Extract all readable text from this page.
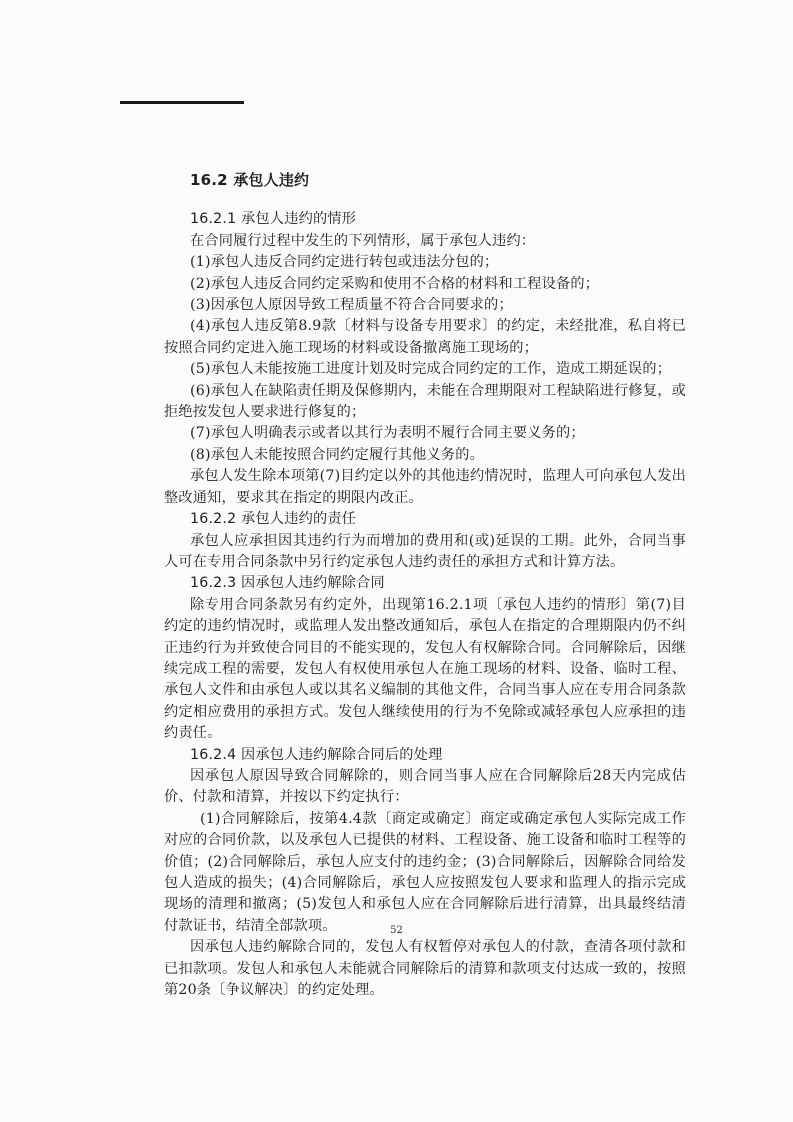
16.2 承包人违约

16.2.1 承包人违约的情形

在合同履行过程中发生的下列情形，属于承包人违约：

(1)承包人违反合同约定进行转包或违法分包的；

(2)承包人违反合同约定采购和使用不合格的材料和工程设备的；

(3)因承包人原因导致工程质量不符合合同要求的；

(4)承包人违反第8.9款〔材料与设备专用要求〕的约定，未经批准，私自将已按照合同约定进入施工现场的材料或设备撤离施工现场的；

(5)承包人未能按施工进度计划及时完成合同约定的工作，造成工期延误的；

(6)承包人在缺陷责任期及保修期内，未能在合理期限对工程缺陷进行修复，或拒绝按发包人要求进行修复的；

(7)承包人明确表示或者以其行为表明不履行合同主要义务的；

(8)承包人未能按照合同约定履行其他义务的。

承包人发生除本项第(7)目约定以外的其他违约情况时，监理人可向承包人发出整改通知，要求其在指定的期限内改正。

16.2.2 承包人违约的责任

承包人应承担因其违约行为而增加的费用和(或)延误的工期。此外，合同当事人可在专用合同条款中另行约定承包人违约责任的承担方式和计算方法。

16.2.3 因承包人违约解除合同

除专用合同条款另有约定外，出现第16.2.1项〔承包人违约的情形〕第(7)目约定的违约情况时，或监理人发出整改通知后，承包人在指定的合理期限内仍不纠正违约行为并致使合同目的不能实现的，发包人有权解除合同。合同解除后，因继续完成工程的需要，发包人有权使用承包人在施工现场的材料、设备、临时工程、承包人文件和由承包人或以其名义编制的其他文件，合同当事人应在专用合同条款约定相应费用的承担方式。发包人继续使用的行为不免除或减轻承包人应承担的违约责任。

16.2.4 因承包人违约解除合同后的处理

因承包人原因导致合同解除的，则合同当事人应在合同解除后28天内完成估价、付款和清算，并按以下约定执行：

(1)合同解除后，按第4.4款〔商定或确定〕商定或确定承包人实际完成工作对应的合同价款，以及承包人已提供的材料、工程设备、施工设备和临时工程等的价值；(2)合同解除后，承包人应支付的违约金；(3)合同解除后，因解除合同给发包人造成的损失；(4)合同解除后，承包人应按照发包人要求和监理人的指示完成现场的清理和撤离；(5)发包人和承包人应在合同解除后进行清算，出具最终结清付款证书，结清全部款项。

因承包人违约解除合同的，发包人有权暂停对承包人的付款，查清各项付款和已扣款项。发包人和承包人未能就合同解除后的清算和款项支付达成一致的，按照第20条〔争议解决〕的约定处理。

52
